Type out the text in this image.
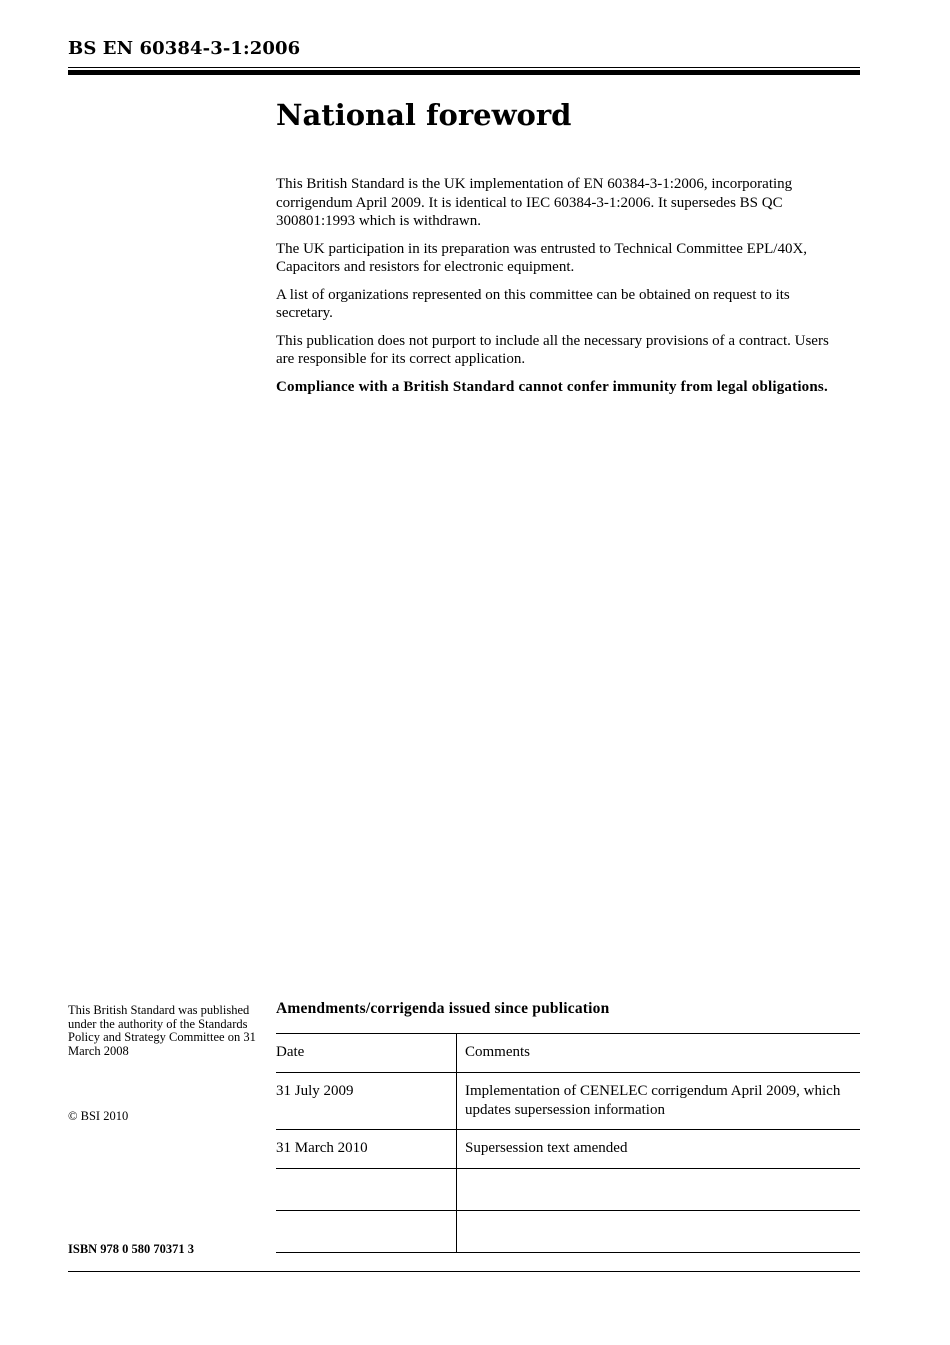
BS EN 60384-3-1:2006
National foreword

This British Standard is the UK implementation of EN 60384-3-1:2006, incorporating corrigendum April 2009. It is identical to IEC 60384-3-1:2006. It supersedes BS QC 300801:1993 which is withdrawn.

The UK participation in its preparation was entrusted to Technical Committee EPL/40X, Capacitors and resistors for electronic equipment.

A list of organizations represented on this committee can be obtained on request to its secretary.

This publication does not purport to include all the necessary provisions of a contract. Users are responsible for its correct application.

Compliance with a British Standard cannot confer immunity from legal obligations.

This British Standard was published under the authority of the Standards Policy and Strategy Committee on 31 March 2008
© BSI 2010
ISBN 978 0 580 70371 3
Amendments/corrigenda issued since publication
Date	Comments
31 July 2009	Implementation of CENELEC corrigendum April 2009, which updates supersession information
31 March 2010	Supersession text amended
